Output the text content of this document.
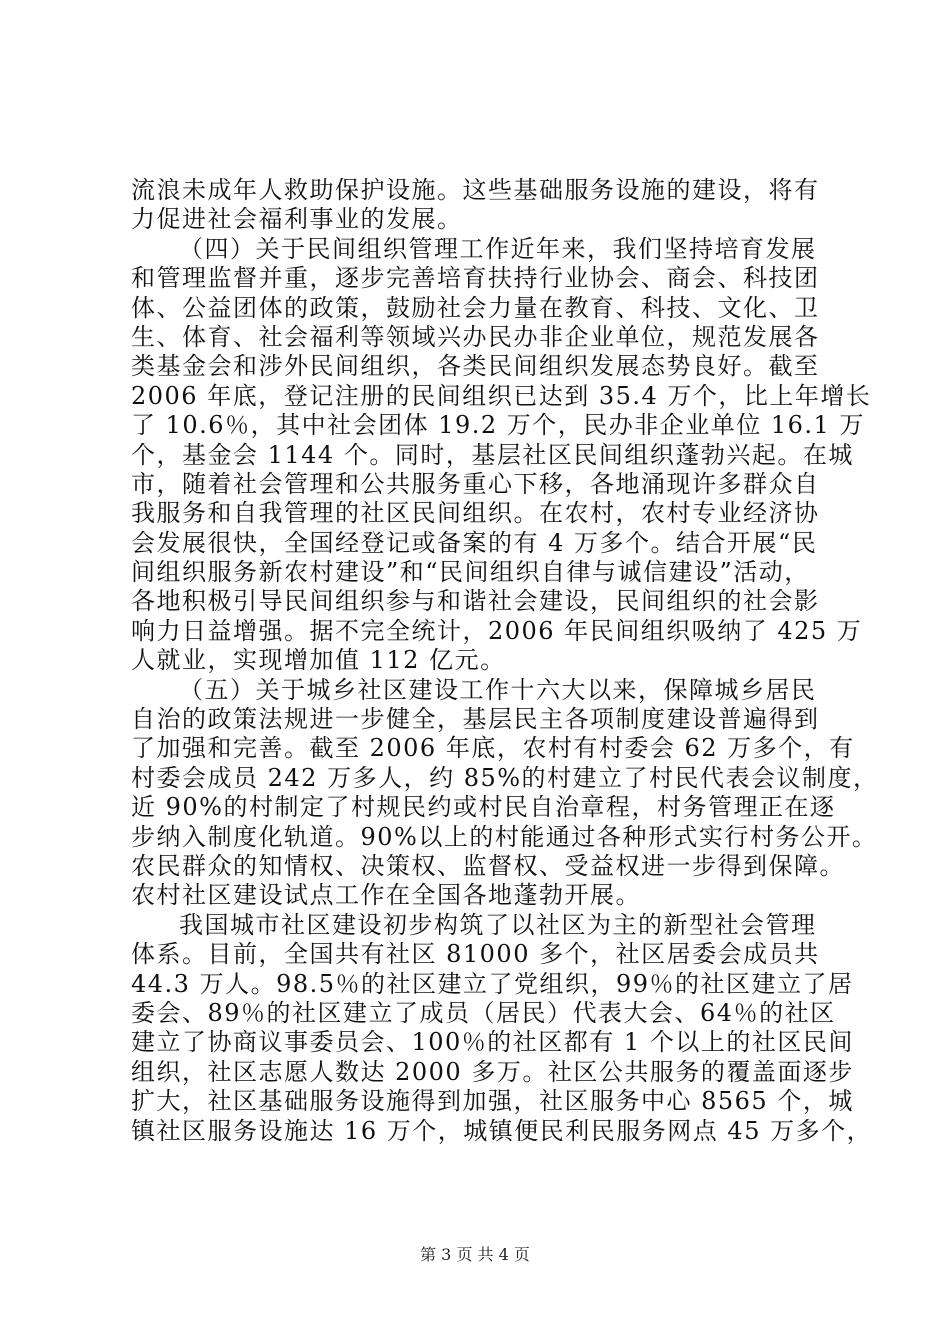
流浪未成年人救助保护设施。这些基础服务设施的建设，将有
力促进社会福利事业的发展。
（四）关于民间组织管理工作近年来，我们坚持培育发展
和管理监督并重，逐步完善培育扶持行业协会、商会、科技团
体、公益团体的政策，鼓励社会力量在教育、科技、文化、卫
生、体育、社会福利等领域兴办民办非企业单位，规范发展各
类基金会和涉外民间组织，各类民间组织发展态势良好。截至
2006 年底，登记注册的民间组织已达到 35.4 万个，比上年增长
了 10.6％，其中社会团体 19.2 万个，民办非企业单位 16.1 万
个，基金会 1144 个。同时，基层社区民间组织蓬勃兴起。在城
市，随着社会管理和公共服务重心下移，各地涌现许多群众自
我服务和自我管理的社区民间组织。在农村，农村专业经济协
会发展很快，全国经登记或备案的有 4 万多个。结合开展“民
间组织服务新农村建设”和“民间组织自律与诚信建设”活动，
各地积极引导民间组织参与和谐社会建设，民间组织的社会影
响力日益增强。据不完全统计，2006 年民间组织吸纳了 425 万
人就业，实现增加值 112 亿元。
（五）关于城乡社区建设工作十六大以来，保障城乡居民
自治的政策法规进一步健全，基层民主各项制度建设普遍得到
了加强和完善。截至 2006 年底，农村有村委会 62 万多个，有
村委会成员 242 万多人，约 85%的村建立了村民代表会议制度，
近 90%的村制定了村规民约或村民自治章程，村务管理正在逐
步纳入制度化轨道。90%以上的村能通过各种形式实行村务公开。
农民群众的知情权、决策权、监督权、受益权进一步得到保障。
农村社区建设试点工作在全国各地蓬勃开展。
我国城市社区建设初步构筑了以社区为主的新型社会管理
体系。目前，全国共有社区 81000 多个，社区居委会成员共
44.3 万人。98.5％的社区建立了党组织，99％的社区建立了居
委会、89％的社区建立了成员（居民）代表大会、64％的社区
建立了协商议事委员会、100％的社区都有 1 个以上的社区民间
组织，社区志愿人数达 2000 多万。社区公共服务的覆盖面逐步
扩大，社区基础服务设施得到加强，社区服务中心 8565 个，城
镇社区服务设施达 16 万个，城镇便民利民服务网点 45 万多个，
第 3 页 共 4 页
